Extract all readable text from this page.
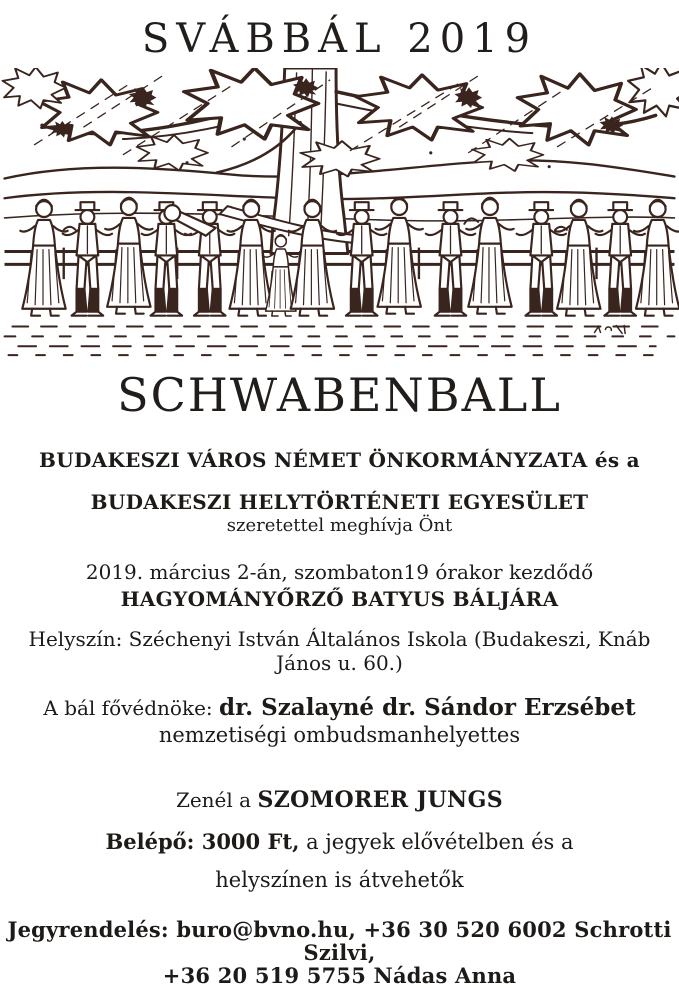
SVÁBBÁL 2019
SCHWABENBALL
BUDAKESZI VÁROS NÉMET ÖNKORMÁNYZATA és a
BUDAKESZI HELYTÖRTÉNETI EGYESÜLET
szeretettel meghívja Önt
2019. március 2-án, szombaton19 órakor kezdődő
HAGYOMÁNYŐRZŐ BATYUS BÁLJÁRA
Helyszín: Széchenyi István Általános Iskola (Budakeszi, Knáb János u. 60.)
A bál fővédnöke: dr. Szalayné dr. Sándor Erzsébet
nemzetiségi ombudsmanhelyettes
Zenél a SZOMORER JUNGS
Belépő: 3000 Ft, a jegyek elővételben és a
helyszínen is átvehetők
Jegyrendelés: buro@bvno.hu, +36 30 520 6002 Schrotti Szilvi,
+36 20 519 5755 Nádas Anna
